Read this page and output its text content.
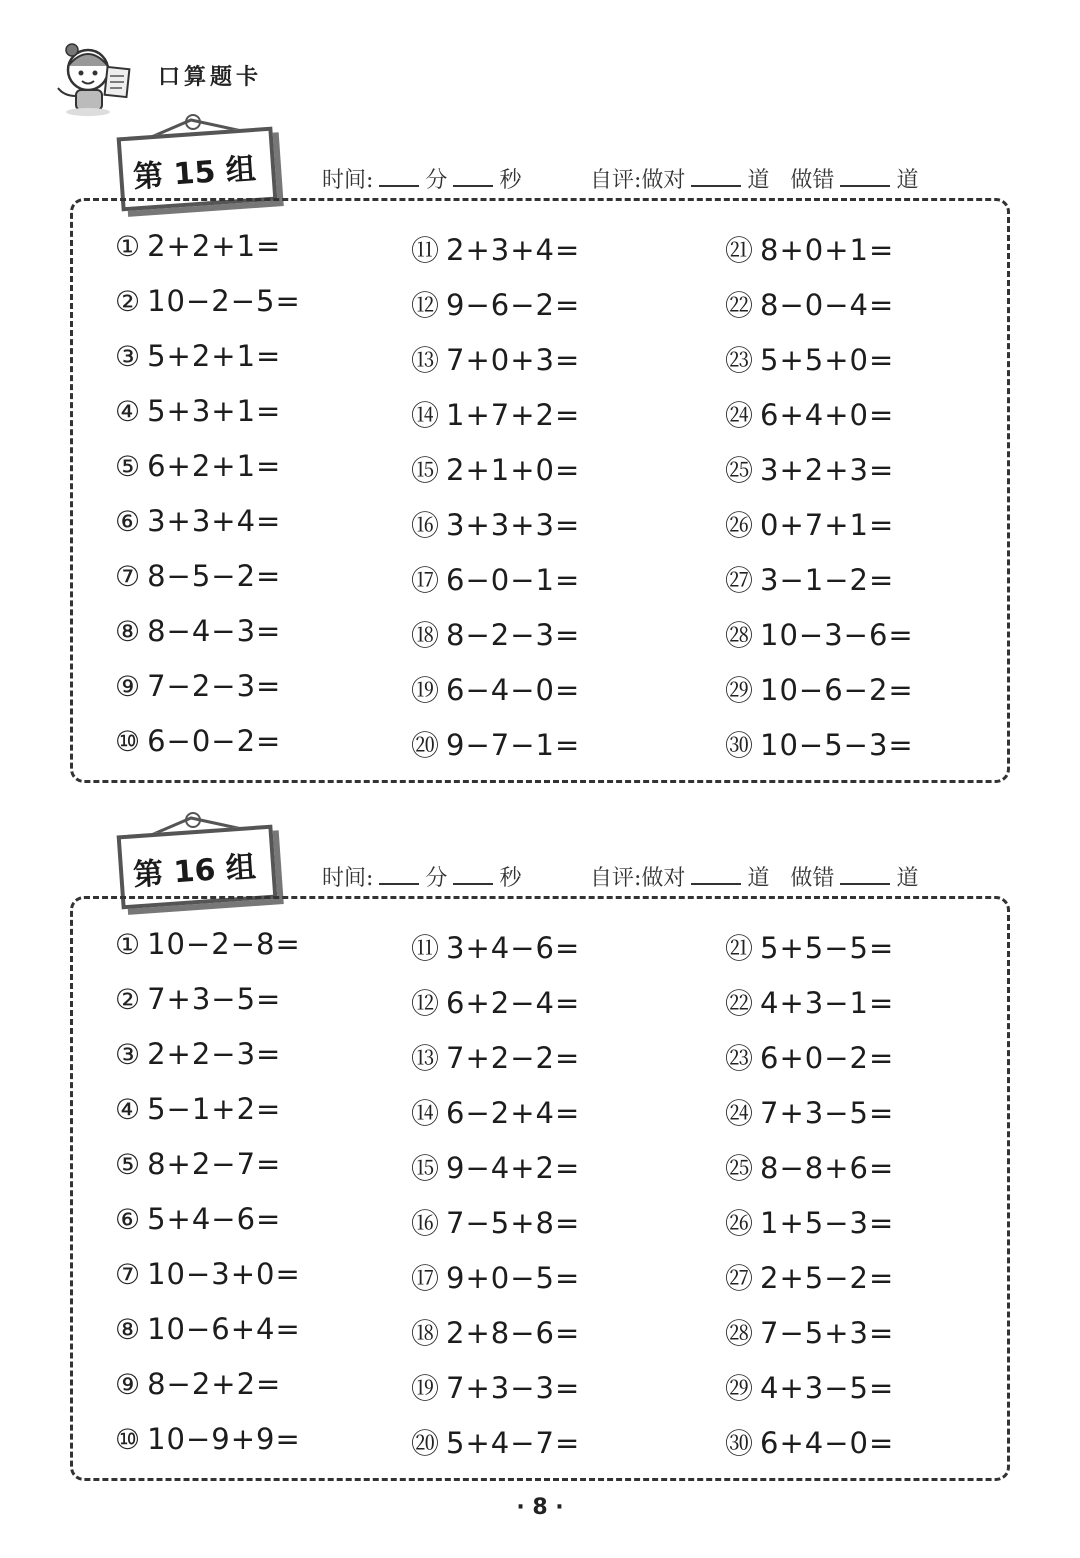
口算题卡
第 15 组	时间: 分 秒	自评:做对	道 做错	道
① 2+2+1=
② 10−2−5=
③ 5+2+1=
④ 5+3+1=
⑤ 6+2+1=
⑥ 3+3+4=
⑦ 8−5−2=
⑧ 8−4−3=
⑨ 7−2−3=
⑩ 6−0−2=
⑪ 2+3+4=
⑫ 9−6−2=
⑬ 7+0+3=
⑭ 1+7+2=
⑮ 2+1+0=
⑯ 3+3+3=
⑰ 6−0−1=
⑱ 8−2−3=
⑲ 6−4−0=
⑳ 9−7−1=
㉑ 8+0+1=
㉒ 8−0−4=
㉓ 5+5+0=
㉔ 6+4+0=
㉕ 3+2+3=
㉖ 0+7+1=
㉗ 3−1−2=
㉘ 10−3−6=
㉙ 10−6−2=
㉚ 10−5−3=
第 16 组	时间: 分 秒	自评:做对	道 做错	道
① 10−2−8=
② 7+3−5=
③ 2+2−3=
④ 5−1+2=
⑤ 8+2−7=
⑥ 5+4−6=
⑦ 10−3+0=
⑧ 10−6+4=
⑨ 8−2+2=
⑩ 10−9+9=
⑪ 3+4−6=
⑫ 6+2−4=
⑬ 7+2−2=
⑭ 6−2+4=
⑮ 9−4+2=
⑯ 7−5+8=
⑰ 9+0−5=
⑱ 2+8−6=
⑲ 7+3−3=
⑳ 5+4−7=
㉑ 5+5−5=
㉒ 4+3−1=
㉓ 6+0−2=
㉔ 7+3−5=
㉕ 8−8+6=
㉖ 1+5−3=
㉗ 2+5−2=
㉘ 7−5+3=
㉙ 4+3−5=
㉚ 6+4−0=
· 8 ·
